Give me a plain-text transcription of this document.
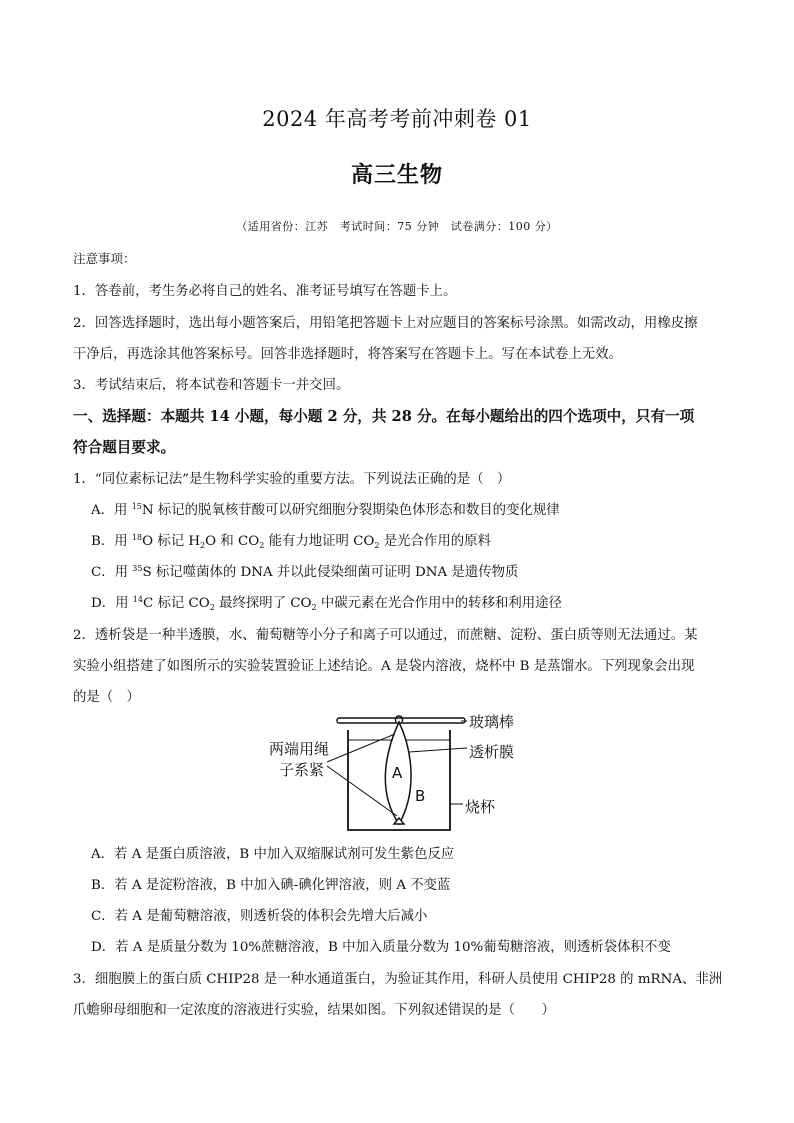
2024 年高考考前冲刺卷 01
高三生物
（适用省份：江苏　考试时间：75 分钟　试卷满分：100 分）
注意事项：
1．答卷前，考生务必将自己的姓名、准考证号填写在答题卡上。
2．回答选择题时，选出每小题答案后，用铅笔把答题卡上对应题目的答案标号涂黑。如需改动，用橡皮擦
干净后，再选涂其他答案标号。回答非选择题时，将答案写在答题卡上。写在本试卷上无效。
3．考试结束后，将本试卷和答题卡一并交回。
一、选择题：本题共 14 小题，每小题 2 分，共 28 分。在每小题给出的四个选项中，只有一项
符合题目要求。
1．“同位素标记法”是生物科学实验的重要方法。下列说法正确的是（　）
A．用 $^{15}$N 标记的脱氧核苷酸可以研究细胞分裂期染色体形态和数目的变化规律
B．用 $^{18}$O 标记 $H_2O$ 和 $CO_2$ 能有力地证明 $CO_2$ 是光合作用的原料
C．用 $^{35}$S 标记噬菌体的 DNA 并以此侵染细菌可证明 DNA 是遗传物质
D．用 $^{14}$C 标记 $CO_2$ 最终探明了 $CO_2$ 中碳元素在光合作用中的转移和利用途径
2．透析袋是一种半透膜，水、葡萄糖等小分子和离子可以通过，而蔗糖、淀粉、蛋白质等则无法通过。某
实验小组搭建了如图所示的实验装置验证上述结论。A 是袋内溶液，烧杯中 B 是蒸馏水。下列现象会出现
的是（　）
玻璃棒
透析膜
两端用绳
子系紧	A
B
烧杯
A．若 A 是蛋白质溶液，B 中加入双缩脲试剂可发生紫色反应
B．若 A 是淀粉溶液，B 中加入碘-碘化钾溶液，则 A 不变蓝
C．若 A 是葡萄糖溶液，则透析袋的体积会先增大后减小
D．若 A 是质量分数为 10%蔗糖溶液，B 中加入质量分数为 10%葡萄糖溶液，则透析袋体积不变
3．细胞膜上的蛋白质 CHIP28 是一种水通道蛋白，为验证其作用，科研人员使用 CHIP28 的 mRNA、非洲
爪蟾卵母细胞和一定浓度的溶液进行实验，结果如图。下列叙述错误的是（　　）
